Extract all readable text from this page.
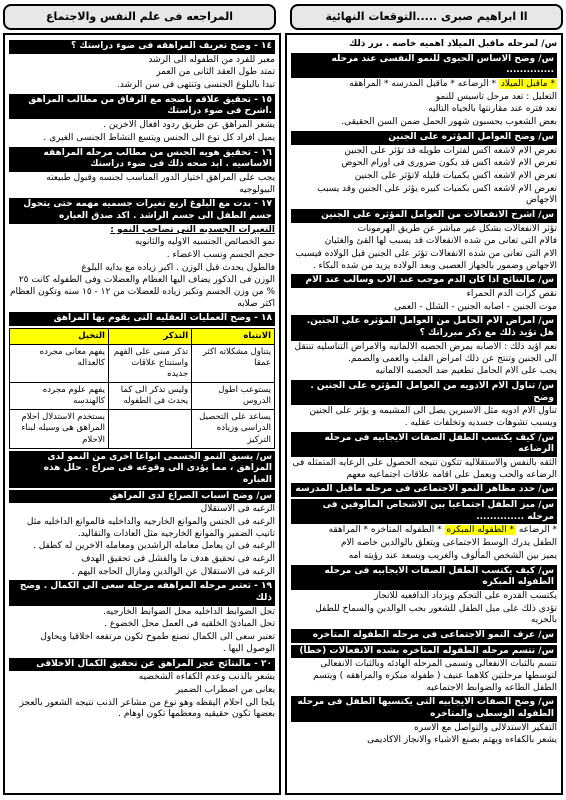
اا ابراهيم صبرى .....التوقعات النهائية
المراجعه فى علم النفس والاجتماع
س/ لمرحله ماقبل الميلاد اهميه خاصه . برر ذلك
س/ وضح الاساس الحيوى للنمو النفسى عند مرحله ..............
* ماقبل الميلاد * الرضاعه * ماقبل المدرسه * المراهقه
التعليل : تعد مرحل تاسيس للنمو
تعد فتره عند مقارنتها بالحياه التاليه
بعض الشعوب يحسبون شهور الحمل ضمن السن الحقيقى.
س/ وضح العوامل المؤثره على الجنين
تعرض الام لاشعه اكس لفترات طويله قد تؤثر على الجنين
تعرض الام لاشعه اكس قد يكون ضرورى فى اورام الحوض
تعرض الام لاشعه اكس بكميات قليله لاتؤثر على الجنين
تعرض الام لاشعه اكس بكميات كبيره يؤثر على الجنين وقد يسبب الاجهاض
س/ اشرح الانفعالات من العوامل المؤثره على الجنين
تؤثر الانفعالات بشكل غير مباشر عن طريق الهرمونات
فالام التى تعانى من شده الانفعالات قد يسبب لها القئ والغثيان
الام التى تعانى من شده الانفعالات تؤثر على الجنين قبل الولاده فيسبب الاجهاض وضمور بالجهاز العصبى وبعد الولاده يزيد من شده البكاء .
س/ مالنتائج اذا كان الدم موجب عند الاب وسالب عند الام
نقص كرات الدم الحمراء
موت الجنين - اصابه الجنين - الشلل - العمى
س/ امراض الام الحامل من العوامل المؤثره على الجنين. هل تؤيد ذلك مع ذكر مبرراتك ؟
نعم اؤيد ذلك : الاصابه بمرض الحصبه الالمانيه والامراض التناسليه تنتقل الى الجنين وتنتج عن ذلك امراض القلب والعمى والصمم.
يجب على الام الحامل تطعيم ضد الحصبه الالمانيه
س/ تناول الام الادويه من العوامل المؤثره على الجنين . وضح
تناول الام ادويه مثل الاسبرين يصل الى المشيمه و يؤثر على الجنين ويسبب تشوهات جسديه وتخلفات عقليه .
س/ كيف يكتسب الطفل الصفات الايجابيه فى مرحله الرضاعه
الثقه بالنفس والاستقلاليه تتكون نتيجه الحصول على الرعايه المتمثله فى الرضاعه والحب ويعمل على اقامه علاقات اجتماعيه معهم
س/ حدد مظاهر النمو الاجتماعى فى مرحله ماقبل المدرسه
س/ ميز الطفل اجتماعيا بين الاشخاص المألوفين فى مرحله ..............
* الرضاعه * الطفوله المبكره * الطفوله المتأخره * المراهقه
الطفل يدرك الوسط الاجتماعى ويتعلق بالوالدين خاصه الام
يميز بين الشخص المألوف والغريب ويسعد عند رؤيته امه
س/ كيف يكتسب الطفل الصفات الايجابيه فى مرحله الطفوله المبكره
يكتسب القدره على التحكم ويزداد الدافعيه للانجاز
تؤدى ذلك على ميل الطفل للشعور بحب الوالدين والسماح للطفل بالحريه
س/ عرف النمو الاجتماعى فى مرحله الطفوله المتأخره
س/ تتسم مرحله الطفوله المتاخره بشده الانفعالات (خطأ)
تتسم بالثبات الانفعالى وتسمى المرحله الهادئه وبالثبات الانفعالى لتوسطها مرحلتين كلاهما عنيف ( طفوله مبكره والمراهقه ) ويتسم الطفل الطاعه والضوابط الاجتماعيه
س/ وضح الصفات الايجابيه التى يكتسبها الطفل فى مرحله الطفوله الوسطى والمتاخره
التفكير الاستدلالى والتواصل مع الاسره
يشعر بالكفاءه ويهتم بصنع الاشياء والانجاز الاكاديمى
١٤ - وضح تعريف المراهقه فى ضوء دراستك ؟
معبر للفرد من الطفوله الى الرشد
تمتد طول العقد الثانى من العمر
تبدا بالبلوغ الجنسى وتنتهى فى سن الرشد.
١٥ - تحقيق علاقه ناضجه مع الرفاق من مطالب المراهق .اشرح فى ضوء دراستك
يشعر المراهق عن طريق ردود افعال الاخرين .
يميل افراد كل نوع الى الجنس ويتسع النشاط الجنسى الغيرى .
١٦ - تحقيق هويه الجنس من مطالب مرحله المراهقه الاساسيه . ابد صحه ذلك فى ضوء دراستك
يجب على المراهق اختيار الدور المناسب لجنسه وقبول طبيعته البيولوجيه
١٧ - بدت مع البلوغ اربع تغيرات جسميه مهمه حتى يتحول جسم الطفل الى جسم الراشد . اكد صدق العباره
التغيرات الجسديه التى تصاحب النمو :
نمو الخصائص الجنسيه الاوليه والثانويه
حجم الجسم ونسب الاعضاء .
فالطول يحدث قبل الوزن . اكبر زياده مع بدايه البلوغ
الوزن فى الذكور يضاف اليها العظام والعضلات وفى الطفوله كانت ٢٥ % من وزن الجسم وتكبر زياده للعضلات من ١٢ - ١٥ سنه وتكون العظام اكثر صلابه
١٨ - وضح العمليات العقليه التى يقوم بها المراهق
الانتباه	التذكر	التخيل
يتناول مشكلاته اكثر عمقا	تذكر مبنى على الفهم واستنتاج علاقات جديده	يفهم معانى مجرده كالعداله
يستوعب اطول الدروس	وليس تذكر الى كما يحدث فى الطفوله	يفهم علوم مجرده كالهندسه
يساعد على التحصيل الدراسى وزياده التركيز		يستخدم الاستدلال احلام المراهق هى وسيله لبناء الاحلام
س/ يسبق النمو الجسمى انواعا اخرى من النمو لدى المراهق ، مما يؤدى الى وقوعه فى صراع . حلل هذه العباره
س/ وضح اسباب الصراع لدى المراهق
الرغبه فى الاستقلال
الرغبه فى الجنس والموانع الخارجيه والداخليه فالموانع الداخليه مثل تانيب الضمير والموانع الخارجيه مثل العادات والتقاليد.
الرغبه فى ان يعامل معامله الراشدين ومعامله الاخرين له كطفل .
الرغبه فى تحقيق هدف ما والفشل فى تحقيق الهدف
الرغبه فى الاستقلال عن الوالدين ومازال الحاجه اليهم .
١٩ - تعتبر مرحله المراهقه مرحله سعى الى الكمال . وضح ذلك
تحل الضوابط الداخليه محل الضوابط الخارجيه.
تحل المبادئ الخلقيه فى العمل محل الخضوع .
تعتبر سعى الى الكمال تصنع طموح تكون مرتفعه اخلاقيا ويحاول الوصول اليها .
٢٠ - مالنتائج عجز المراهق عن تحقيق الكمال الاخلاقى
يشعر بالذنب وعدم الكفاءه الشخصيه
يعانى من اضطراب الضمير
يلجا الى احلام اليقظه وهو نوع من مشاعر الذنب نتيجه الشعور بالعجز بعضها تكون حقيقيه ومعظمها تكون اوهام .
